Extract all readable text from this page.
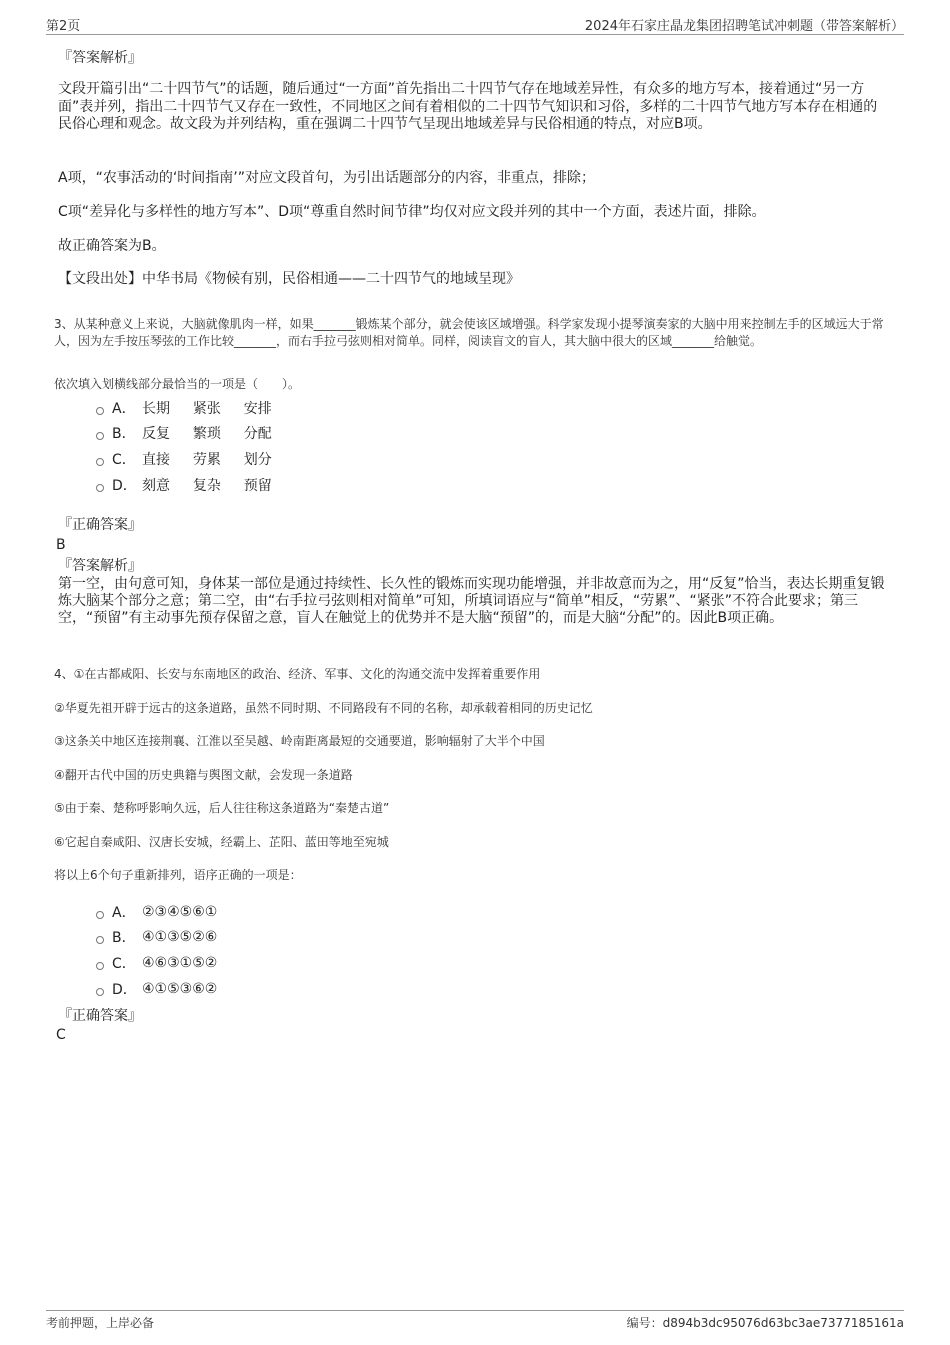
第2页	2024年石家庄晶龙集团招聘笔试冲刺题（带答案解析）
『答案解析』
文段开篇引出“二十四节气”的话题，随后通过“一方面”首先指出二十四节气存在地域差异性，有众多的地方写本，接着通过“另一方面”表并列，指出二十四节气又存在一致性，不同地区之间有着相似的二十四节气知识和习俗，多样的二十四节气地方写本存在相通的民俗心理和观念。故文段为并列结构，重在强调二十四节气呈现出地域差异与民俗相通的特点，对应B项。
A项，“农事活动的‘时间指南’”对应文段首句，为引出话题部分的内容，非重点，排除；
C项“差异化与多样性的地方写本”、D项“尊重自然时间节律”均仅对应文段并列的其中一个方面，表述片面，排除。
故正确答案为B。
【文段出处】中华书局《物候有别，民俗相通——二十四节气的地域呈现》
3、从某种意义上来说，大脑就像肌肉一样，如果_______锻炼某个部分，就会使该区域增强。科学家发现小提琴演奏家的大脑中用来控制左手的区域远大于常人，因为左手按压琴弦的工作比较_______，而右手拉弓弦则相对简单。同样，阅读盲文的盲人，其大脑中很大的区域_______给触觉。
依次填入划横线部分最恰当的一项是（　　）。
A． 长期　  紧张　  安排
B． 反复　  繁琐　  分配
C． 直接　  劳累　  划分
D． 刻意　  复杂　  预留
『正确答案』
B
『答案解析』
第一空，由句意可知，身体某一部位是通过持续性、长久性的锻炼而实现功能增强，并非故意而为之，用“反复”恰当，表达长期重复锻炼大脑某个部分之意；第二空，由“右手拉弓弦则相对简单”可知，所填词语应与“简单”相反，“劳累”、“紧张”不符合此要求；第三空，“预留”有主动事先预存保留之意，盲人在触觉上的优势并不是大脑“预留”的，而是大脑“分配”的。因此B项正确。
4、①在古都咸阳、长安与东南地区的政治、经济、军事、文化的沟通交流中发挥着重要作用
②华夏先祖开辟于远古的这条道路，虽然不同时期、不同路段有不同的名称，却承载着相同的历史记忆
③这条关中地区连接荆襄、江淮以至吴越、岭南距离最短的交通要道，影响辐射了大半个中国
④翻开古代中国的历史典籍与舆图文献，会发现一条道路
⑤由于秦、楚称呼影响久远，后人往往称这条道路为“秦楚古道”
⑥它起自秦咸阳、汉唐长安城，经霸上、芷阳、蓝田等地至宛城
将以上6个句子重新排列，语序正确的一项是：
A． ②③④⑤⑥①
B． ④①③⑤②⑥
C． ④⑥③①⑤②
D． ④①⑤③⑥②
『正确答案』
C
考前押题，上岸必备	编号：d894b3dc95076d63bc3ae7377185161a
